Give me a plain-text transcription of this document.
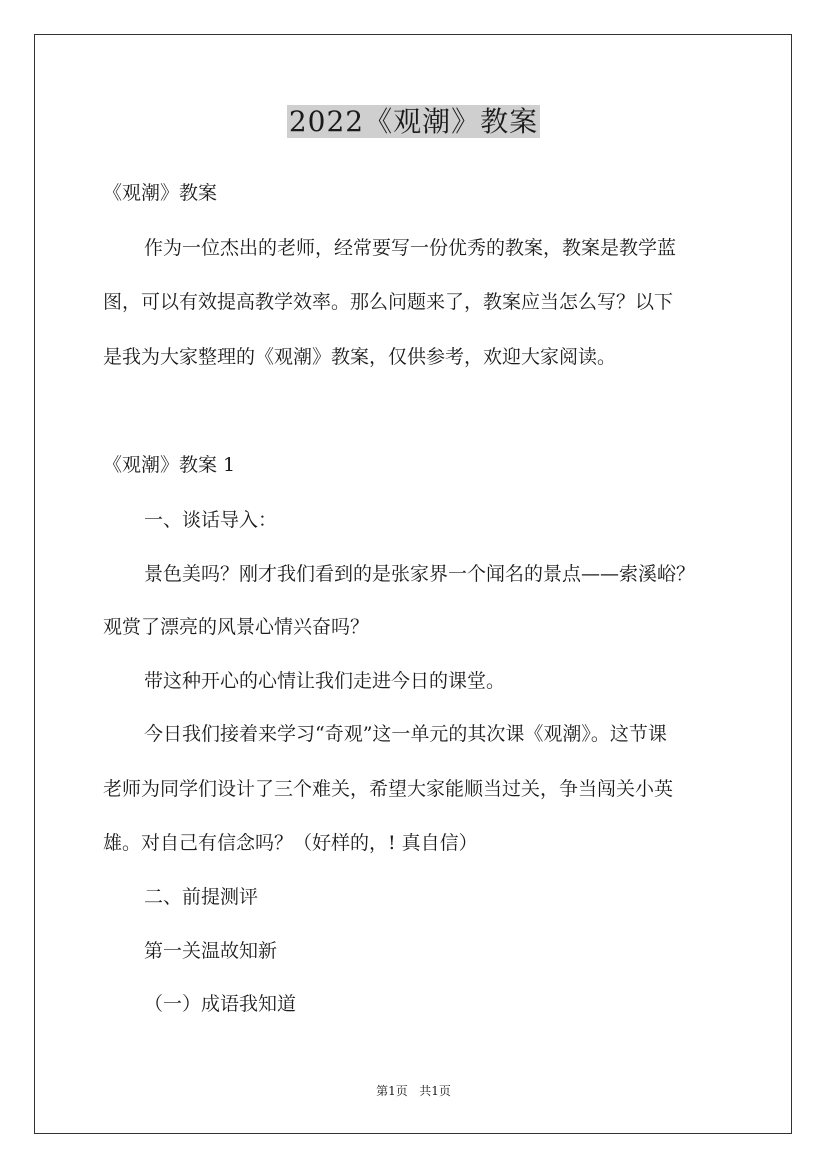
2022《观潮》教案
《观潮》教案
作为一位杰出的老师，经常要写一份优秀的教案，教案是教学蓝
图，可以有效提高教学效率。那么问题来了，教案应当怎么写？以下
是我为大家整理的《观潮》教案，仅供参考，欢迎大家阅读。
《观潮》教案 1
一、谈话导入：
景色美吗？刚才我们看到的是张家界一个闻名的景点——索溪峪？
观赏了漂亮的风景心情兴奋吗？
带这种开心的心情让我们走进今日的课堂。
今日我们接着来学习“奇观”这一单元的其次课《观潮》。这节课
老师为同学们设计了三个难关，希望大家能顺当过关，争当闯关小英
雄。对自己有信念吗？（好样的，! 真自信）
二、前提测评
第一关温故知新
（一）成语我知道
第1页   共1页
